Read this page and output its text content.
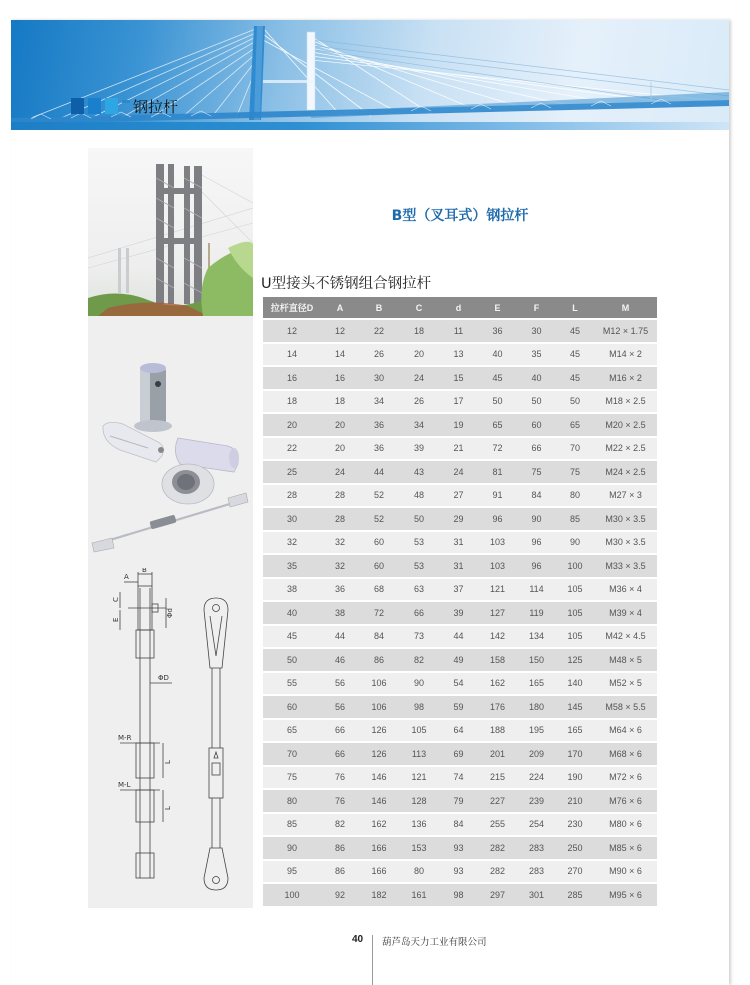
钢拉杆
B
A
C
E
Φd
ΦD
M-R
M-L
L
L
B型（叉耳式）钢拉杆
U型接头不锈钢组合钢拉杆
拉杆直径D	A	B	C	d	E	F	L	M
12	12	22	18	11	36	30	45	M12 × 1.75
14	14	26	20	13	40	35	45	M14 × 2
16	16	30	24	15	45	40	45	M16 × 2
18	18	34	26	17	50	50	50	M18 × 2.5
20	20	36	34	19	65	60	65	M20 × 2.5
22	20	36	39	21	72	66	70	M22 × 2.5
25	24	44	43	24	81	75	75	M24 × 2.5
28	28	52	48	27	91	84	80	M27 × 3
30	28	52	50	29	96	90	85	M30 × 3.5
32	32	60	53	31	103	96	90	M30 × 3.5
35	32	60	53	31	103	96	100	M33 × 3.5
38	36	68	63	37	121	114	105	M36 × 4
40	38	72	66	39	127	119	105	M39 × 4
45	44	84	73	44	142	134	105	M42 × 4.5
50	46	86	82	49	158	150	125	M48 × 5
55	56	106	90	54	162	165	140	M52 × 5
60	56	106	98	59	176	180	145	M58 × 5.5
65	66	126	105	64	188	195	165	M64 × 6
70	66	126	113	69	201	209	170	M68 × 6
75	76	146	121	74	215	224	190	M72 × 6
80	76	146	128	79	227	239	210	M76 × 6
85	82	162	136	84	255	254	230	M80 × 6
90	86	166	153	93	282	283	250	M85 × 6
95	86	166	80	93	282	283	270	M90 × 6
100	92	182	161	98	297	301	285	M95 × 6
40 葫芦岛天力工业有限公司
